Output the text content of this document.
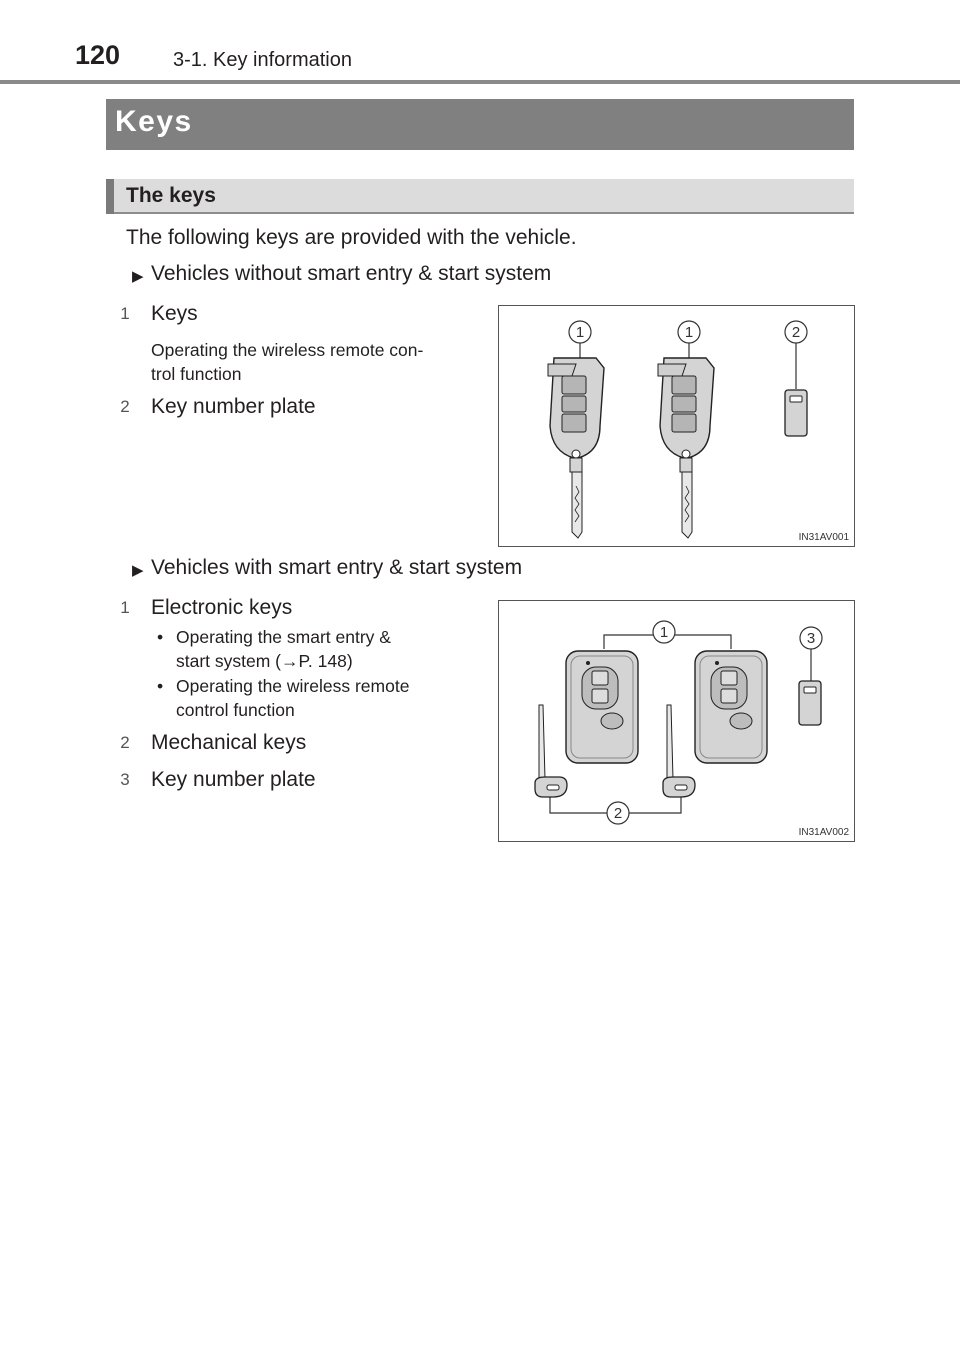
120	3-1. Key information
Keys
The keys
The following keys are provided with the vehicle.
▶ Vehicles without smart entry & start system
1 Keys
Operating the wireless remote con-
trol function
2 Key number plate
1	1	2
IN31AV001
▶ Vehicles with smart entry & start system
1 Electronic keys
• Operating the smart entry &
start system (→P. 148)
• Operating the wireless remote
control function
2 Mechanical keys
3 Key number plate
1	3
2
IN31AV002
